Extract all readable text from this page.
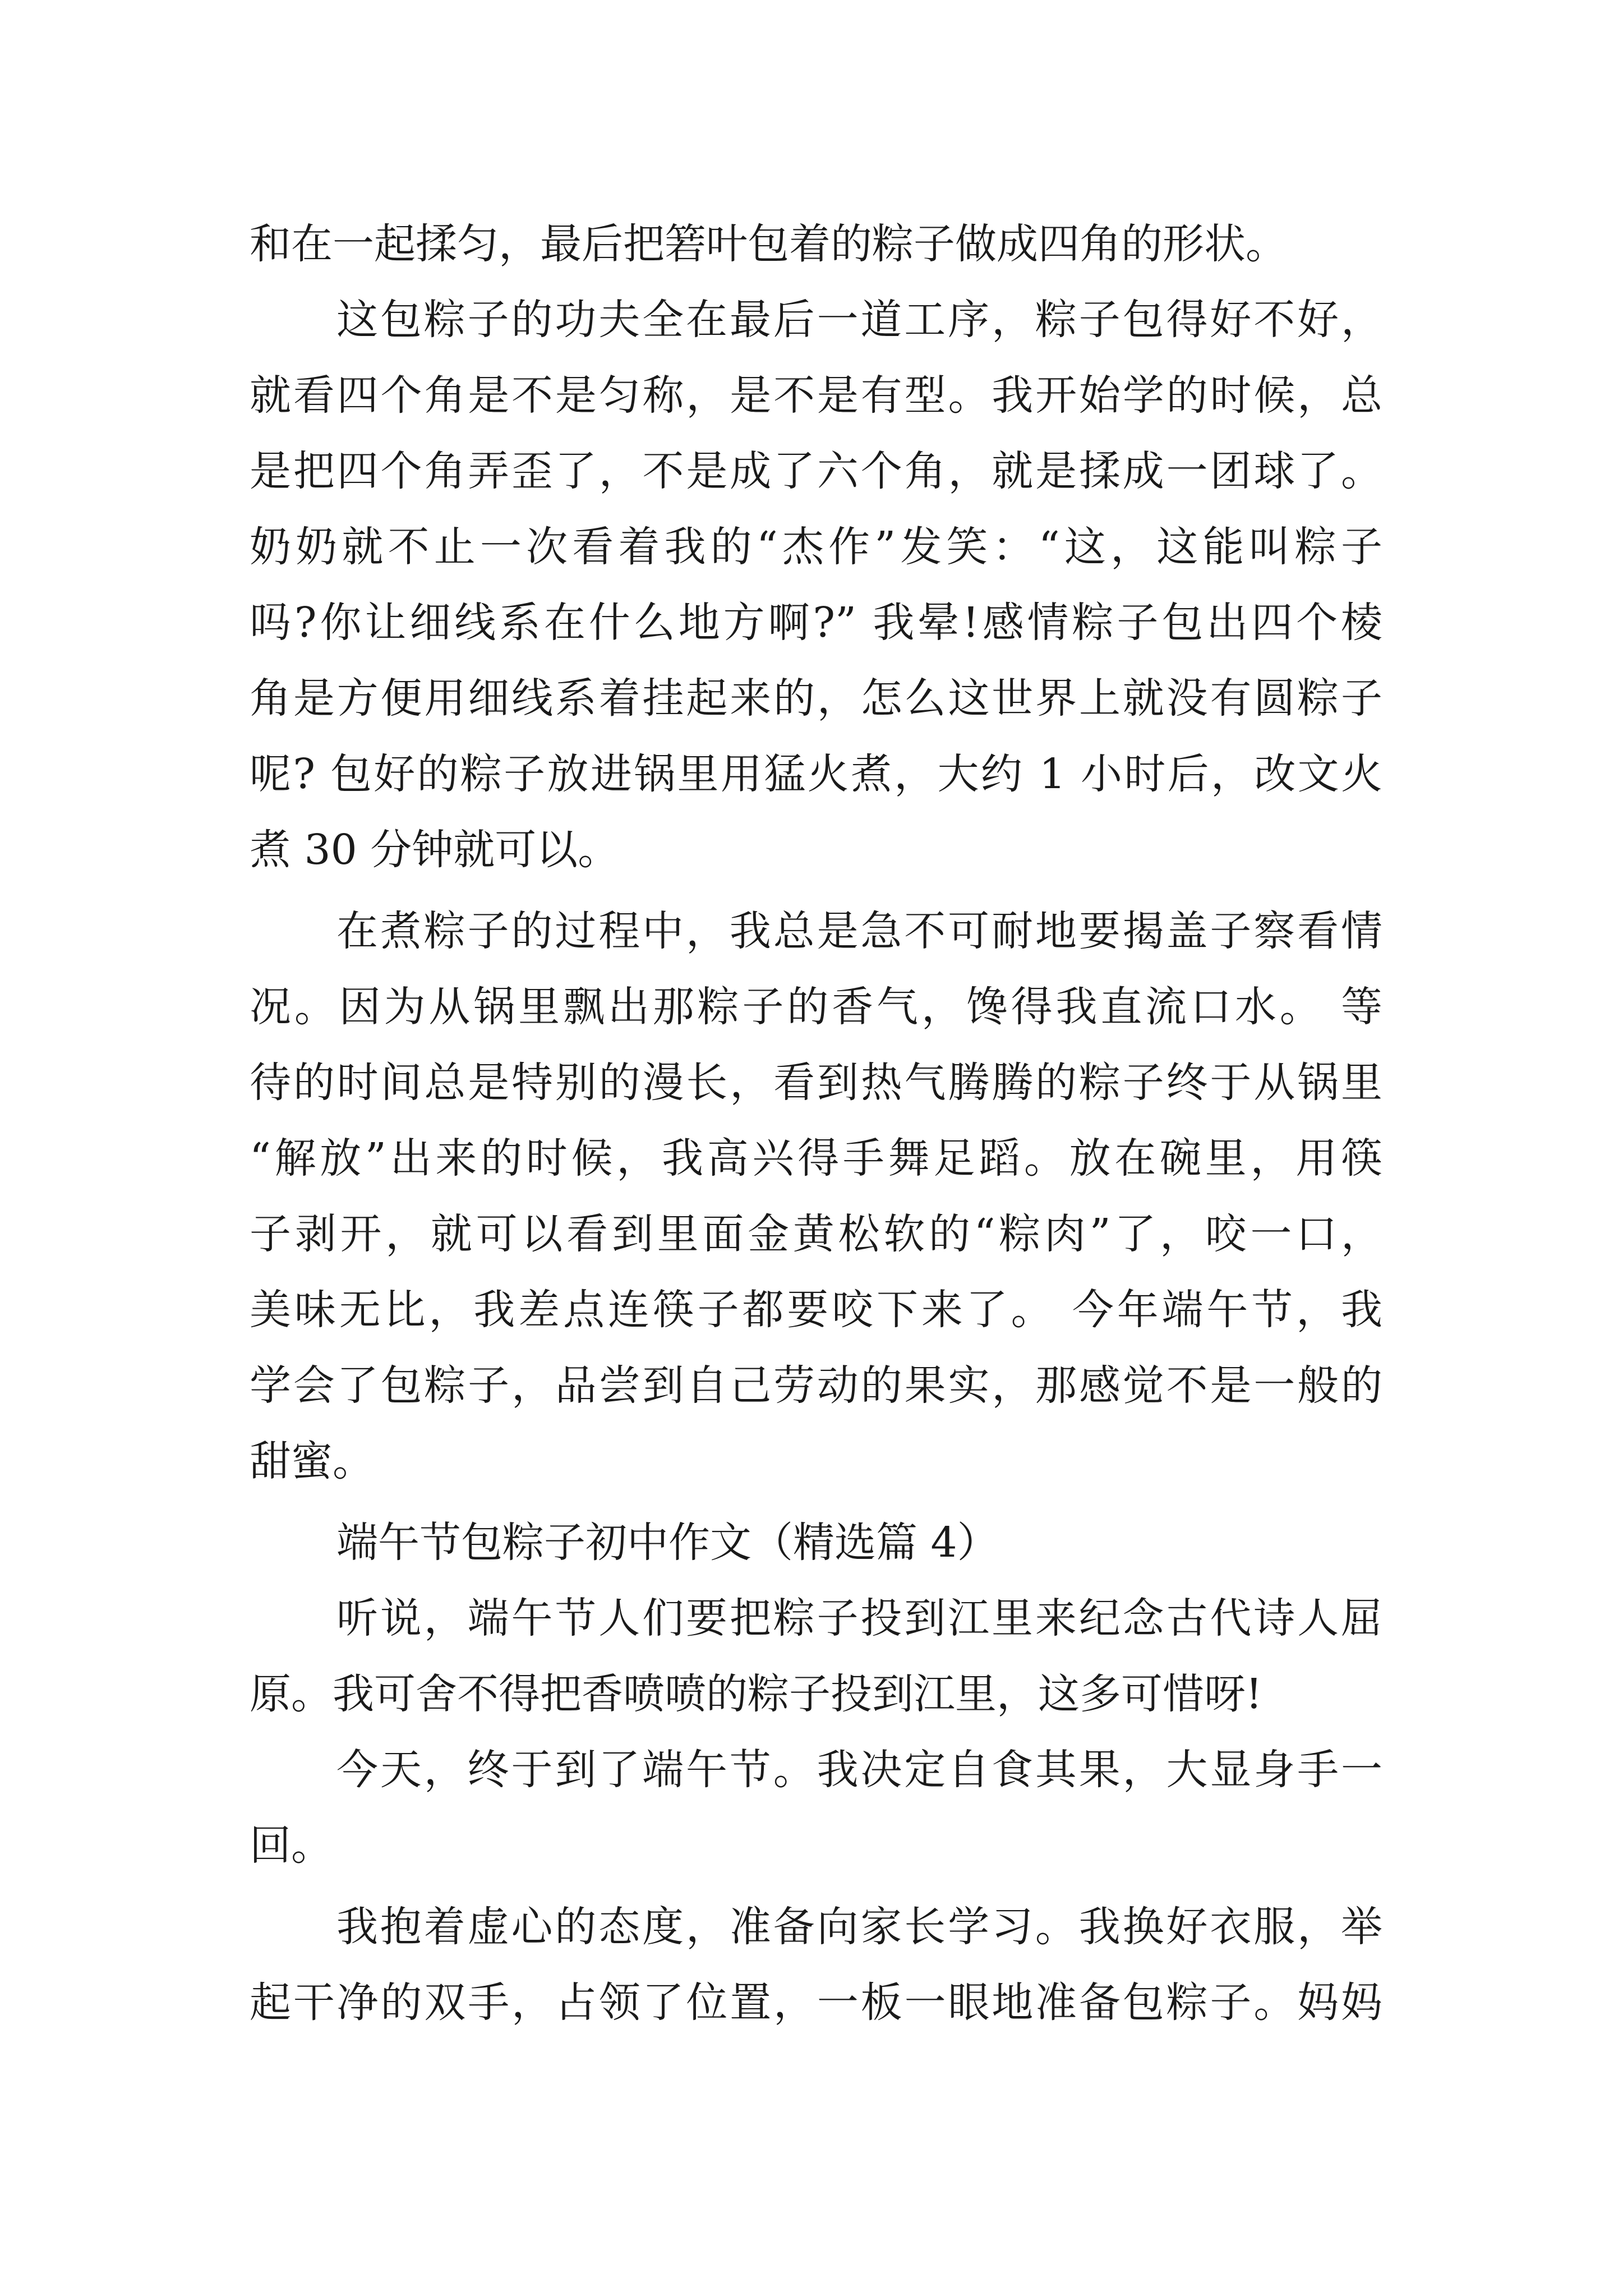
和在一起揉匀，最后把箬叶包着的粽子做成四角的形状。
这包粽子的功夫全在最后一道工序，粽子包得好不好，
就看四个角是不是匀称，是不是有型。我开始学的时候，总
是把四个角弄歪了，不是成了六个角，就是揉成一团球了。
奶奶就不止一次看着我的“杰作”发笑：“这，这能叫粽子
吗?你让细线系在什么地方啊?” 我晕!感情粽子包出四个棱
角是方便用细线系着挂起来的，怎么这世界上就没有圆粽子
呢? 包好的粽子放进锅里用猛火煮，大约 1 小时后，改文火
煮 30 分钟就可以。
在煮粽子的过程中，我总是急不可耐地要揭盖子察看情
况。因为从锅里飘出那粽子的香气，馋得我直流口水。 等
待的时间总是特别的漫长，看到热气腾腾的粽子终于从锅里
“解放”出来的时候，我高兴得手舞足蹈。放在碗里，用筷
子剥开，就可以看到里面金黄松软的“粽肉”了，咬一口，
美味无比，我差点连筷子都要咬下来了。 今年端午节，我
学会了包粽子，品尝到自己劳动的果实，那感觉不是一般的
甜蜜。
端午节包粽子初中作文（精选篇 4）
听说，端午节人们要把粽子投到江里来纪念古代诗人屈
原。我可舍不得把香喷喷的粽子投到江里，这多可惜呀!
今天，终于到了端午节。我决定自食其果，大显身手一
回。
我抱着虚心的态度，准备向家长学习。我换好衣服，举
起干净的双手，占领了位置，一板一眼地准备包粽子。妈妈
